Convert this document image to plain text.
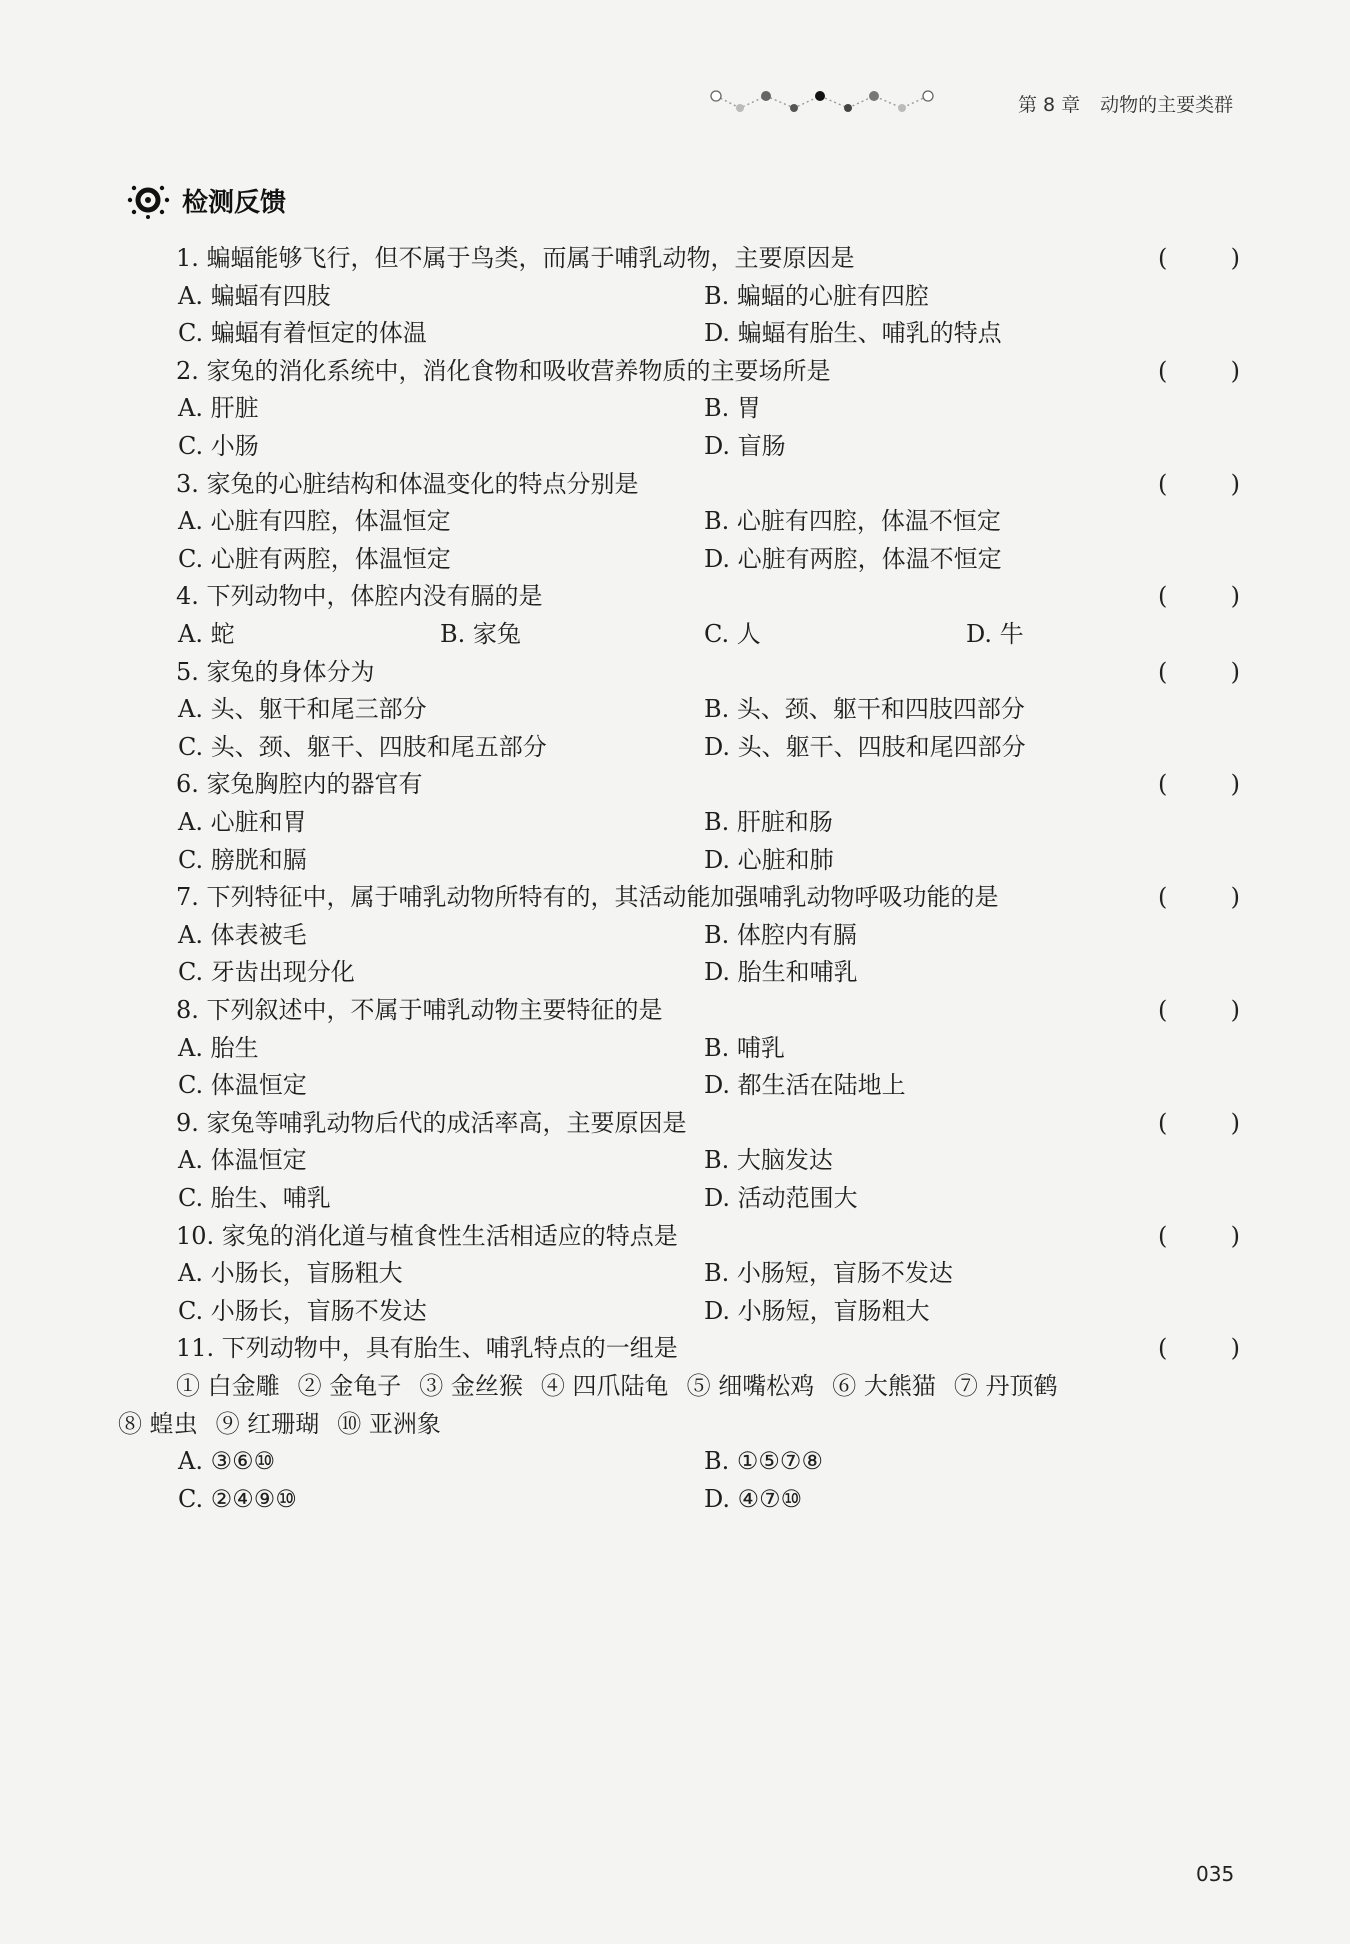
第 8 章 动物的主要类群
检测反馈
1. 蝙蝠能够飞行，但不属于鸟类，而属于哺乳动物，主要原因是	(	)
A. 蝙蝠有四肢	B. 蝙蝠的心脏有四腔
C. 蝙蝠有着恒定的体温	D. 蝙蝠有胎生、哺乳的特点
2. 家兔的消化系统中，消化食物和吸收营养物质的主要场所是	(	)
A. 肝脏	B. 胃
C. 小肠	D. 盲肠
3. 家兔的心脏结构和体温变化的特点分别是	(	)
A. 心脏有四腔，体温恒定	B. 心脏有四腔，体温不恒定
C. 心脏有两腔，体温恒定	D. 心脏有两腔，体温不恒定
4. 下列动物中，体腔内没有膈的是	(	)
A. 蛇	B. 家兔	C. 人	D. 牛
5. 家兔的身体分为	(	)
A. 头、躯干和尾三部分	B. 头、颈、躯干和四肢四部分
C. 头、颈、躯干、四肢和尾五部分	D. 头、躯干、四肢和尾四部分
6. 家兔胸腔内的器官有	(	)
A. 心脏和胃	B. 肝脏和肠
C. 膀胱和膈	D. 心脏和肺
7. 下列特征中，属于哺乳动物所特有的，其活动能加强哺乳动物呼吸功能的是	(	)
A. 体表被毛	B. 体腔内有膈
C. 牙齿出现分化	D. 胎生和哺乳
8. 下列叙述中，不属于哺乳动物主要特征的是	(	)
A. 胎生	B. 哺乳
C. 体温恒定	D. 都生活在陆地上
9. 家兔等哺乳动物后代的成活率高，主要原因是	(	)
A. 体温恒定	B. 大脑发达
C. 胎生、哺乳	D. 活动范围大
10. 家兔的消化道与植食性生活相适应的特点是	(	)
A. 小肠长，盲肠粗大	B. 小肠短，盲肠不发达
C. 小肠长，盲肠不发达	D. 小肠短，盲肠粗大
11. 下列动物中，具有胎生、哺乳特点的一组是	(	)
① 白金雕 ② 金龟子 ③ 金丝猴 ④ 四爪陆龟 ⑤ 细嘴松鸡 ⑥ 大熊猫 ⑦ 丹顶鹤
⑧ 蝗虫 ⑨ 红珊瑚 ⑩ 亚洲象
A. ③⑥⑩	B. ①⑤⑦⑧
C. ②④⑨⑩	D. ④⑦⑩
035
